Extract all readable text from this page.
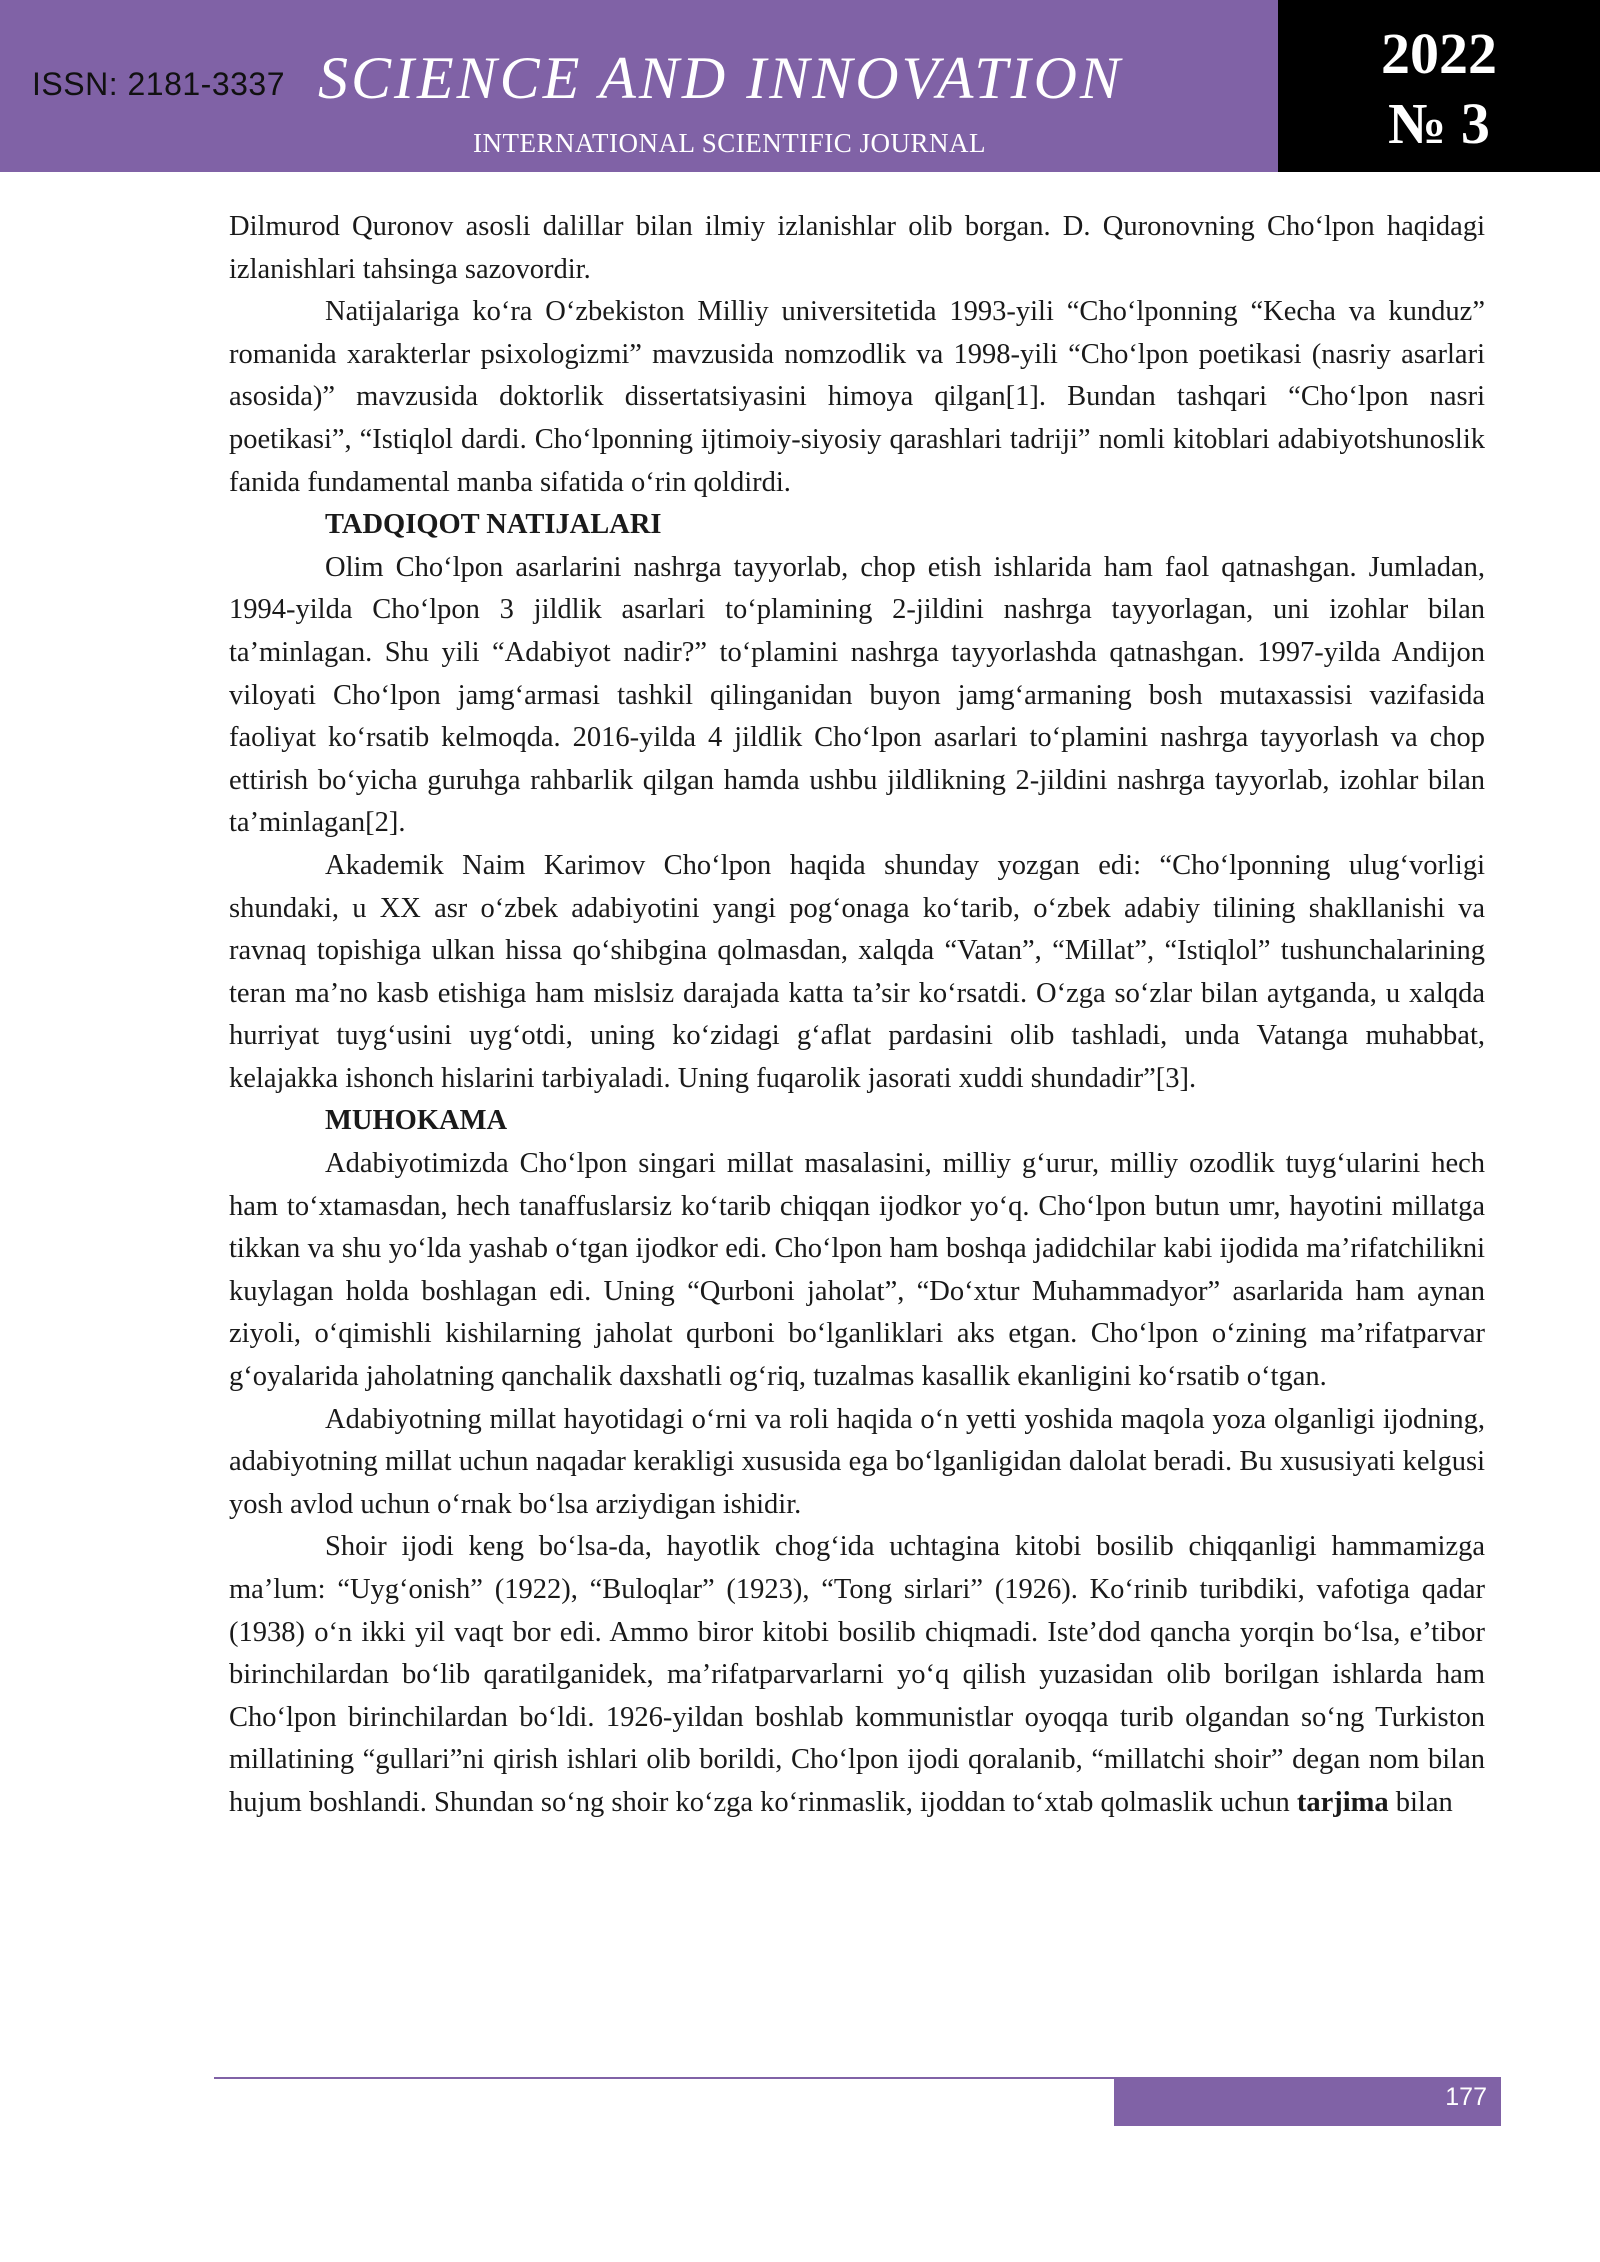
ISSN: 2181-3337 SCIENCE AND INNOVATION
INTERNATIONAL SCIENTIFIC JOURNAL
2022
№ 3

Dilmurod Quronov asosli dalillar bilan ilmiy izlanishlar olib borgan. D. Quronovning Cho‘lpon haqidagi izlanishlari tahsinga sazovordir.

Natijalariga ko‘ra O‘zbekiston Milliy universitetida 1993-yili “Cho‘lponning “Kecha va kunduz” romanida xarakterlar psixologizmi” mavzusida nomzodlik va 1998-yili “Cho‘lpon poetikasi (nasriy asarlari asosida)” mavzusida doktorlik dissertatsiyasini himoya qilgan[1]. Bundan tashqari “Cho‘lpon nasri poetikasi”, “Istiqlol dardi. Cho‘lponning ijtimoiy-siyosiy qarashlari tadriji” nomli kitoblari adabiyotshunoslik fanida fundamental manba sifatida o‘rin qoldirdi.

TADQIQOT NATIJALARI

Olim Cho‘lpon asarlarini nashrga tayyorlab, chop etish ishlarida ham faol qatnashgan. Jumladan, 1994-yilda Cho‘lpon 3 jildlik asarlari to‘plamining 2-jildini nashrga tayyorlagan, uni izohlar bilan ta’minlagan. Shu yili “Adabiyot nadir?” to‘plamini nashrga tayyorlashda qatnashgan. 1997-yilda Andijon viloyati Cho‘lpon jamg‘armasi tashkil qilinganidan buyon jamg‘armaning bosh mutaxassisi vazifasida faoliyat ko‘rsatib kelmoqda. 2016-yilda 4 jildlik Cho‘lpon asarlari to‘plamini nashrga tayyorlash va chop ettirish bo‘yicha guruhga rahbarlik qilgan hamda ushbu jildlikning 2-jildini nashrga tayyorlab, izohlar bilan ta’minlagan[2].

Akademik Naim Karimov Cho‘lpon haqida shunday yozgan edi: “Cho‘lponning ulug‘vorligi shundaki, u XX asr o‘zbek adabiyotini yangi pog‘onaga ko‘tarib, o‘zbek adabiy tilining shakllanishi va ravnaq topishiga ulkan hissa qo‘shibgina qolmasdan, xalqda “Vatan”, “Millat”, “Istiqlol” tushunchalarining teran ma’no kasb etishiga ham mislsiz darajada katta ta’sir ko‘rsatdi. O‘zga so‘zlar bilan aytganda, u xalqda hurriyat tuyg‘usini uyg‘otdi, uning ko‘zidagi g‘aflat pardasini olib tashladi, unda Vatanga muhabbat, kelajakka ishonch hislarini tarbiyaladi. Uning fuqarolik jasorati xuddi shundadir”[3].

MUHOKAMA

Adabiyotimizda Cho‘lpon singari millat masalasini, milliy g‘urur, milliy ozodlik tuyg‘ularini hech ham to‘xtamasdan, hech tanaffuslarsiz ko‘tarib chiqqan ijodkor yo‘q. Cho‘lpon butun umr, hayotini millatga tikkan va shu yo‘lda yashab o‘tgan ijodkor edi. Cho‘lpon ham boshqa jadidchilar kabi ijodida ma’rifatchilikni kuylagan holda boshlagan edi. Uning “Qurboni jaholat”, “Do‘xtur Muhammadyor” asarlarida ham aynan ziyoli, o‘qimishli kishilarning jaholat qurboni bo‘lganliklari aks etgan. Cho‘lpon o‘zining ma’rifatparvar g‘oyalarida jaholatning qanchalik daxshatli og‘riq, tuzalmas kasallik ekanligini ko‘rsatib o‘tgan.

Adabiyotning millat hayotidagi o‘rni va roli haqida o‘n yetti yoshida maqola yoza olganligi ijodning, adabiyotning millat uchun naqadar kerakligi xususida ega bo‘lganligidan dalolat beradi. Bu xususiyati kelgusi yosh avlod uchun o‘rnak bo‘lsa arziydigan ishidir.

Shoir ijodi keng bo‘lsa-da, hayotlik chog‘ida uchtagina kitobi bosilib chiqqanligi hammamizga ma’lum: “Uyg‘onish” (1922), “Buloqlar” (1923), “Tong sirlari” (1926). Ko‘rinib turibdiki, vafotiga qadar (1938) o‘n ikki yil vaqt bor edi. Ammo biror kitobi bosilib chiqmadi. Iste’dod qancha yorqin bo‘lsa, e’tibor birinchilardan bo‘lib qaratilganidek, ma’rifatparvarlarni yo‘q qilish yuzasidan olib borilgan ishlarda ham Cho‘lpon birinchilardan bo‘ldi. 1926-yildan boshlab kommunistlar oyoqqa turib olgandan so‘ng Turkiston millatining “gullari”ni qirish ishlari olib borildi, Cho‘lpon ijodi qoralanib, “millatchi shoir” degan nom bilan hujum boshlandi. Shundan so‘ng shoir ko‘zga ko‘rinmaslik, ijoddan to‘xtab qolmaslik uchun tarjima bilan

177
